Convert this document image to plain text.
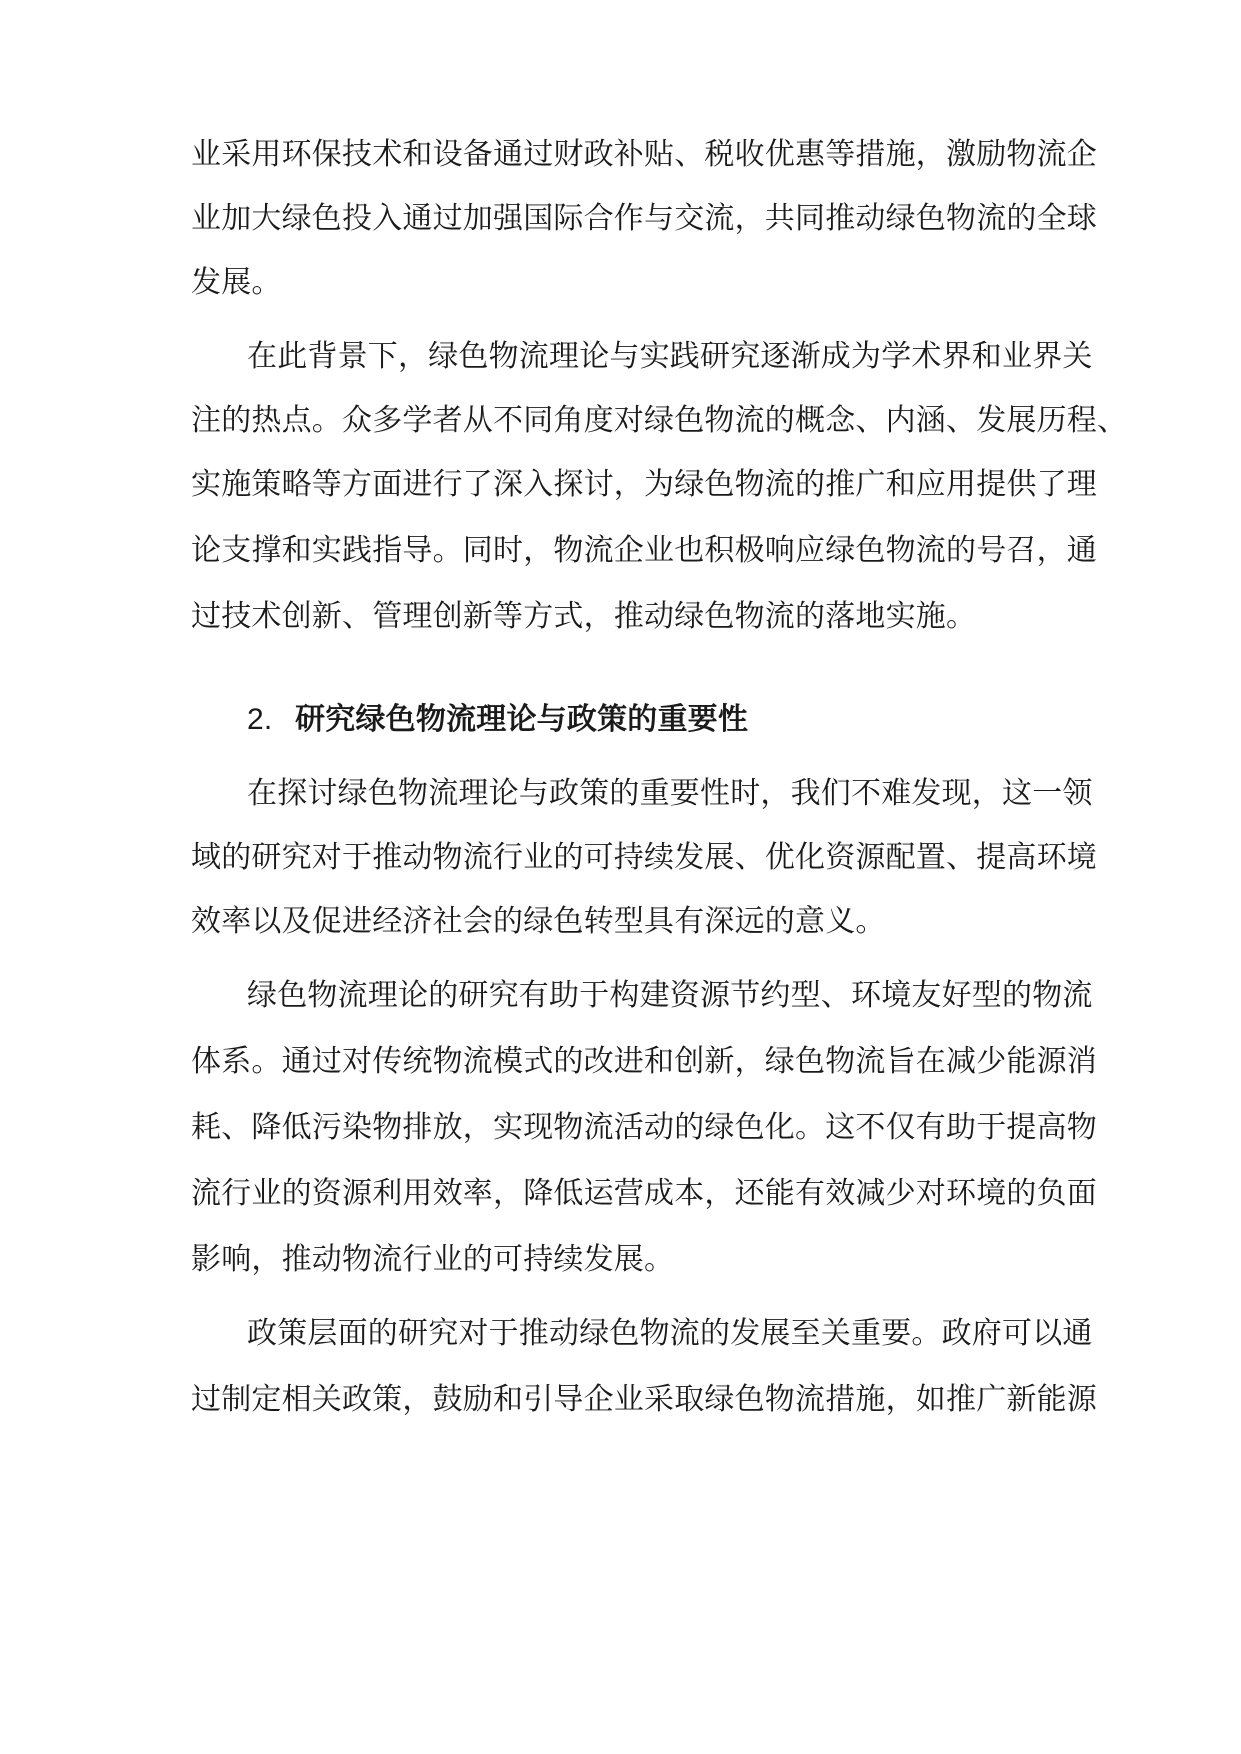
业采用环保技术和设备通过财政补贴、税收优惠等措施，激励物流企
业加大绿色投入通过加强国际合作与交流，共同推动绿色物流的全球
发展。
在此背景下，绿色物流理论与实践研究逐渐成为学术界和业界关
注的热点。众多学者从不同角度对绿色物流的概念、内涵、发展历程、
实施策略等方面进行了深入探讨，为绿色物流的推广和应用提供了理
论支撑和实践指导。同时，物流企业也积极响应绿色物流的号召，通
过技术创新、管理创新等方式，推动绿色物流的落地实施。
2. 研究绿色物流理论与政策的重要性
在探讨绿色物流理论与政策的重要性时，我们不难发现，这一领
域的研究对于推动物流行业的可持续发展、优化资源配置、提高环境
效率以及促进经济社会的绿色转型具有深远的意义。
绿色物流理论的研究有助于构建资源节约型、环境友好型的物流
体系。通过对传统物流模式的改进和创新，绿色物流旨在减少能源消
耗、降低污染物排放，实现物流活动的绿色化。这不仅有助于提高物
流行业的资源利用效率，降低运营成本，还能有效减少对环境的负面
影响，推动物流行业的可持续发展。
政策层面的研究对于推动绿色物流的发展至关重要。政府可以通
过制定相关政策，鼓励和引导企业采取绿色物流措施，如推广新能源
